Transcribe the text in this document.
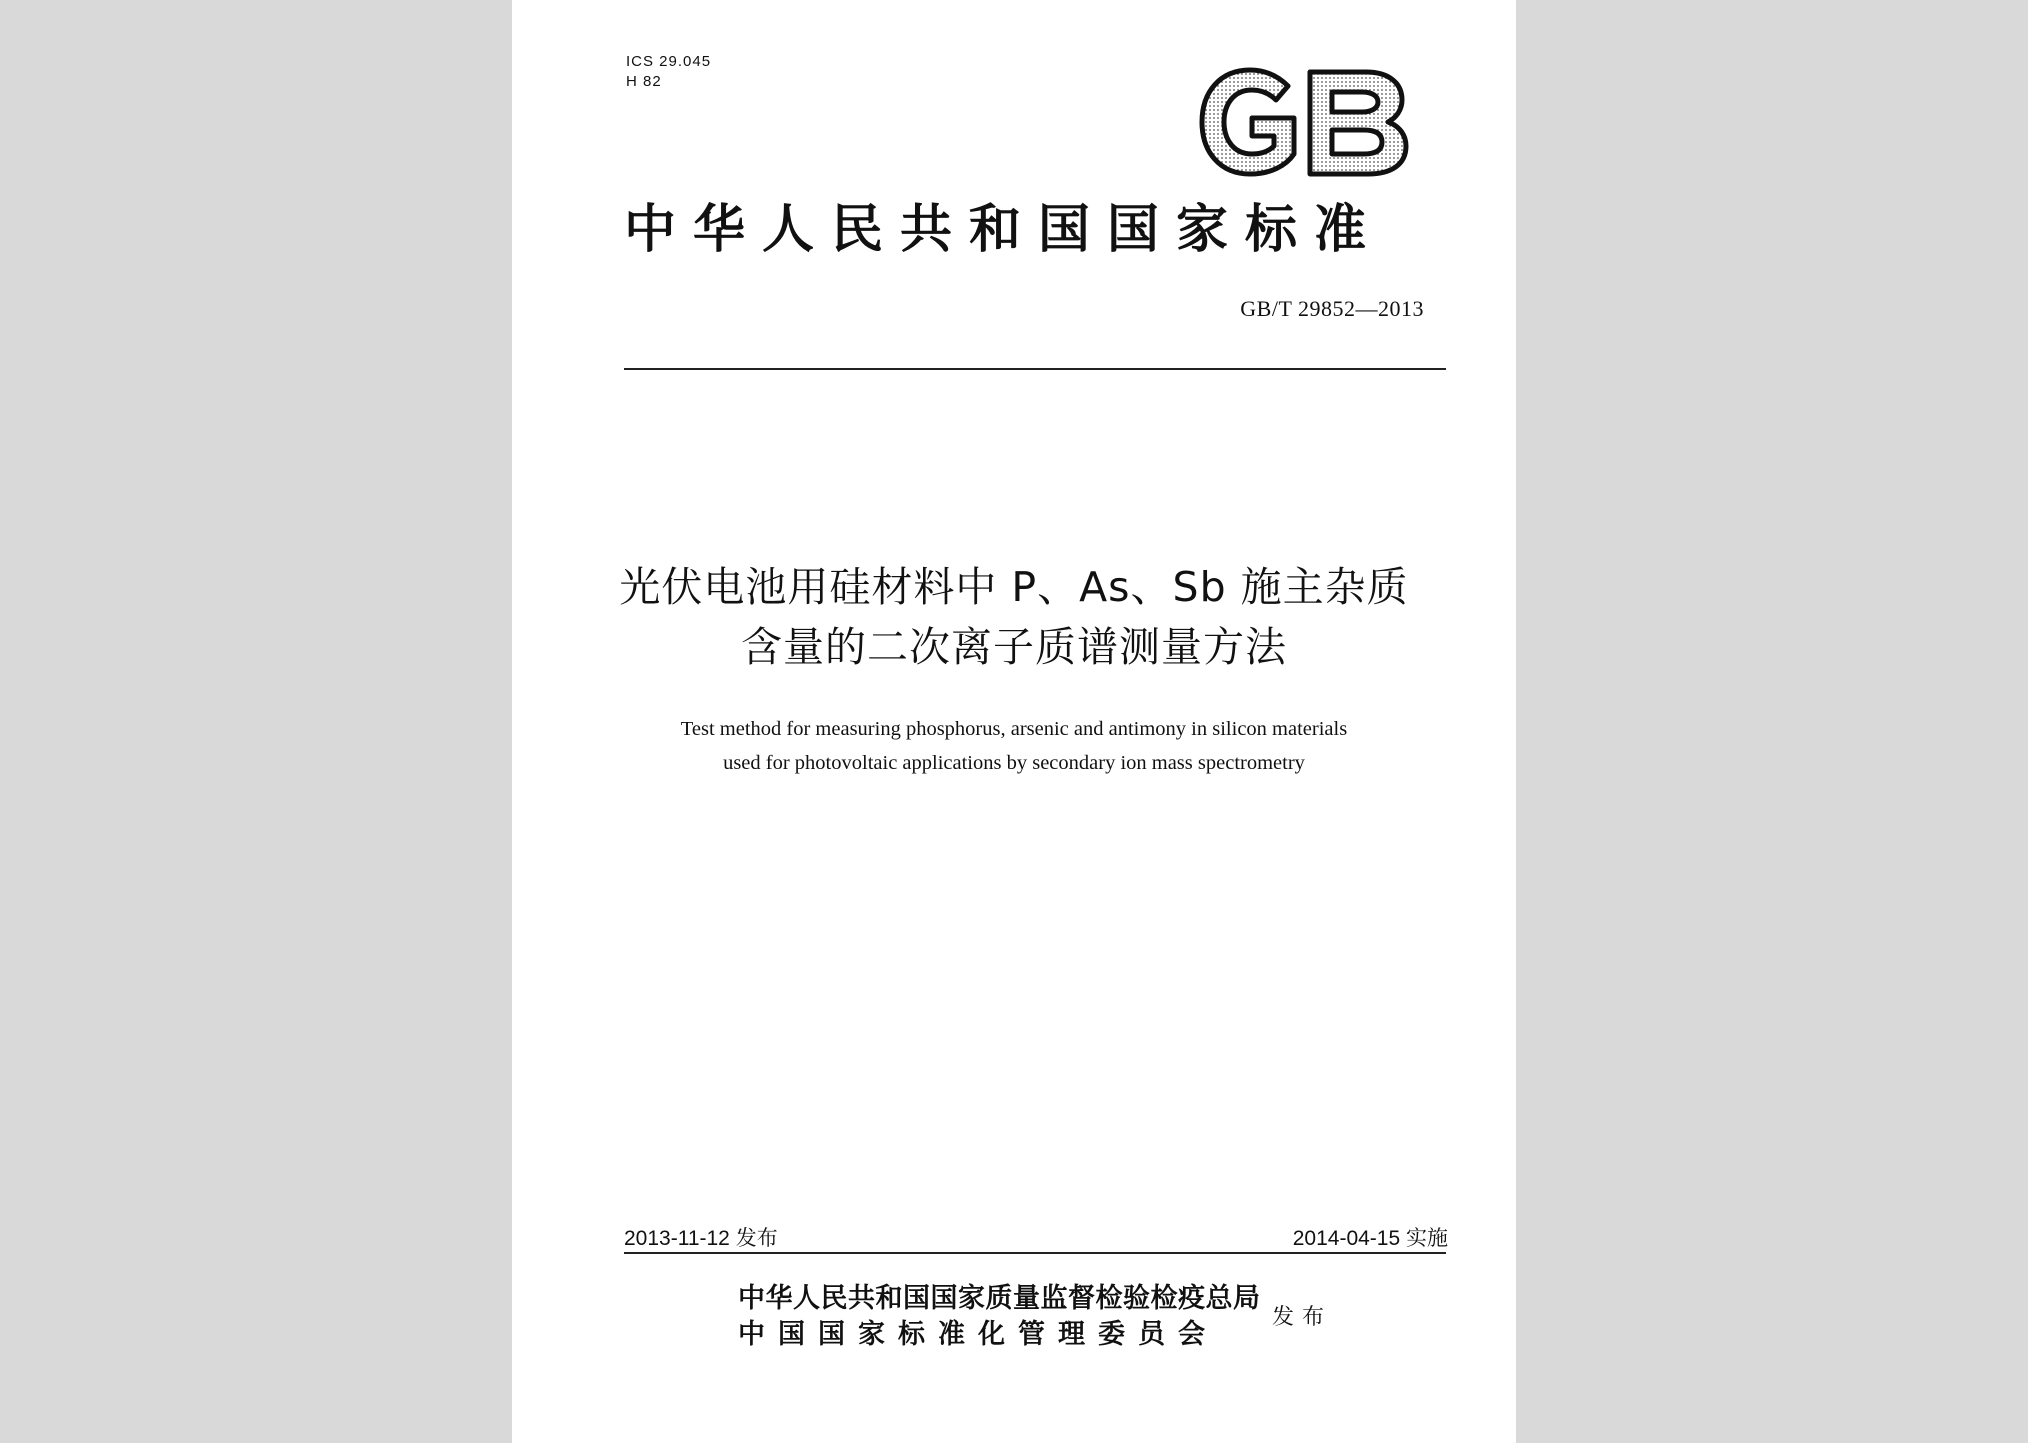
ICS 29.045
H 82
中华人民共和国国家标准
GB/T 29852—2013
光伏电池用硅材料中 P、As、Sb 施主杂质
含量的二次离子质谱测量方法
Test method for measuring phosphorus, arsenic and antimony in silicon materials
used for photovoltaic applications by secondary ion mass spectrometry
2013-11-12 发布	2014-04-15 实施
中华人民共和国国家质量监督检验检疫总局
中国国家标准化管理委员会
发布
